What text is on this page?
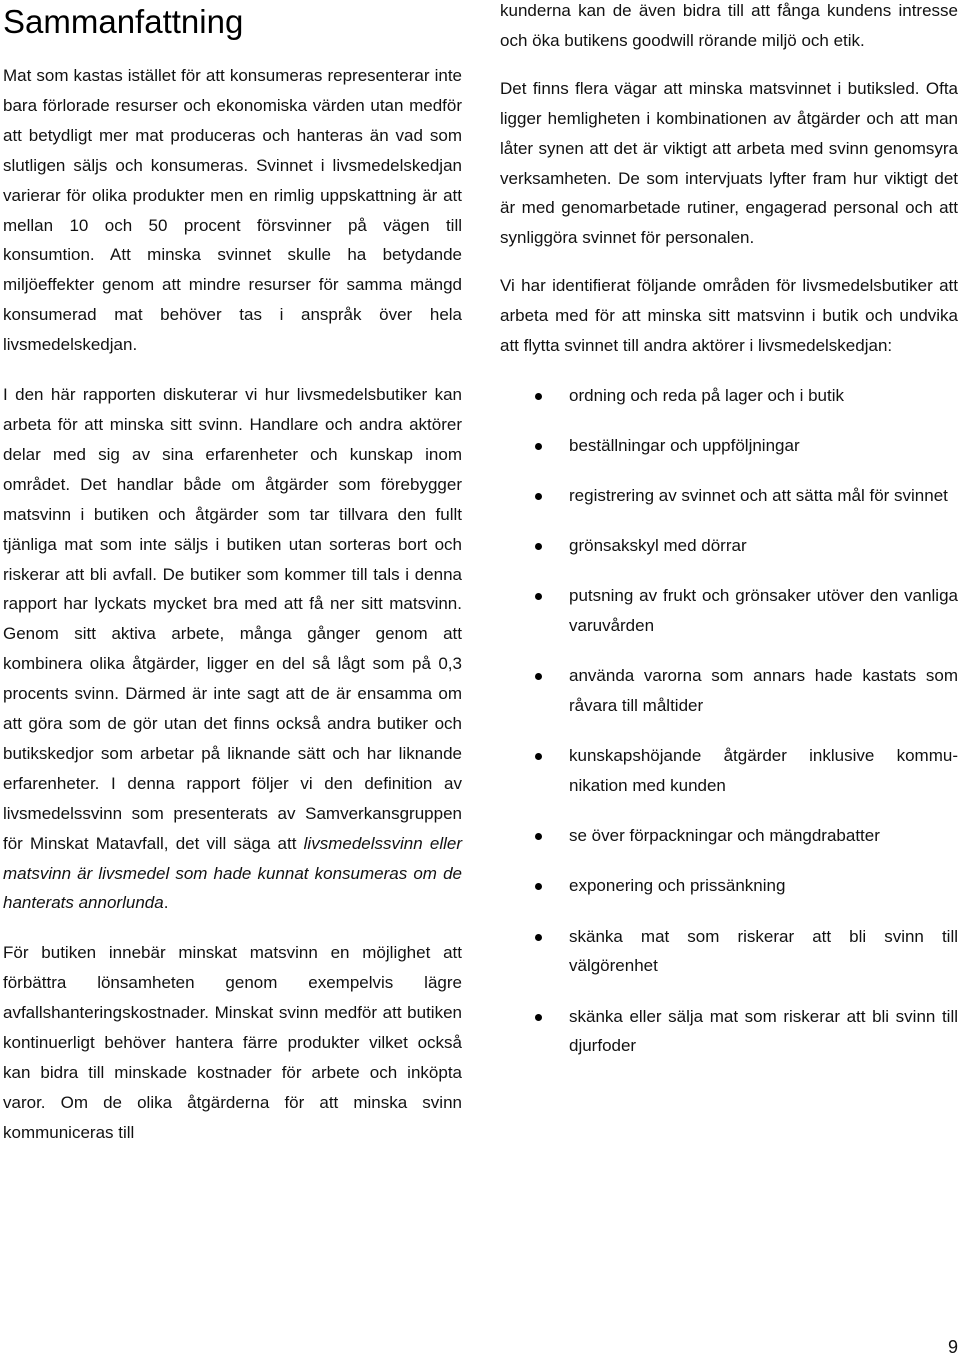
Sammanfattning

Mat som kastas istället för att konsumeras representerar inte bara förlorade resurser och ekonomiska värden utan medför att betydligt mer mat produceras och hanteras än vad som slutligen säljs och konsumeras. Svinnet i livsmedelskedjan varierar för olika produkter men en rimlig uppskattning är att mellan 10 och 50 procent försvinner på vägen till konsumtion. Att minska svinnet skulle ha betydande miljöeffekter genom att mindre resurser för samma mängd konsumerad mat behöver tas i anspråk över hela livsmedelskedjan.

I den här rapporten diskuterar vi hur livsmedelsbutiker kan arbeta för att minska sitt svinn. Handlare och andra aktörer delar med sig av sina erfarenheter och kunskap inom området. Det handlar både om åtgärder som förebygger matsvinn i butiken och åtgärder som tar tillvara den fullt tjänliga mat som inte säljs i butiken utan sorteras bort och riskerar att bli avfall. De butiker som kommer till tals i denna rapport har lyckats mycket bra med att få ner sitt matsvinn. Genom sitt aktiva arbete, många gånger genom att kombinera olika åtgärder, ligger en del så lågt som på 0,3 procents svinn. Därmed är inte sagt att de är ensamma om att göra som de gör utan det finns också andra butiker och butikskedjor som arbetar på liknande sätt och har liknande erfarenheter. I denna rapport följer vi den definition av livsmedelssvinn som presenterats av Samverkansgruppen för Minskat Matavfall, det vill säga att livsmedelssvinn eller matsvinn är livsmedel som hade kunnat konsumeras om de hanterats annorlunda.

För butiken innebär minskat matsvinn en möjlighet att förbättra lönsamheten genom exempelvis lägre avfallshanteringskostnader. Minskat svinn medför att butiken kontinuerligt behöver hantera färre produkter vilket också kan bidra till minskade kostnader för arbete och inköpta varor. Om de olika åtgärderna för att minska svinn kommuniceras till

kunderna kan de även bidra till att fånga kundens intresse och öka butikens goodwill rörande miljö och etik.

Det finns flera vägar att minska matsvinnet i butiksled. Ofta ligger hemligheten i kombinationen av åtgärder och att man låter synen att det är viktigt att arbeta med svinn genomsyra verksamheten. De som intervjuats lyfter fram hur viktigt det är med genomarbetade rutiner, engagerad personal och att synliggöra svinnet för personalen.

Vi har identifierat följande områden för livsmedelsbutiker att arbeta med för att minska sitt matsvinn i butik och undvika att flytta svinnet till andra aktörer i livsmedelskedjan:

ordning och reda på lager och i butik
beställningar och uppföljningar
registrering av svinnet och att sätta mål för svinnet
grönsakskyl med dörrar
putsning av frukt och grönsaker utöver den vanliga varuvården
använda varorna som annars hade kastats som råvara till måltider
kunskapshöjande åtgärder inklusive kommunikation med kunden
se över förpackningar och mängdrabatter
exponering och prissänkning
skänka mat som riskerar att bli svinn till välgörenhet
skänka eller sälja mat som riskerar att bli svinn till djurfoder
9
